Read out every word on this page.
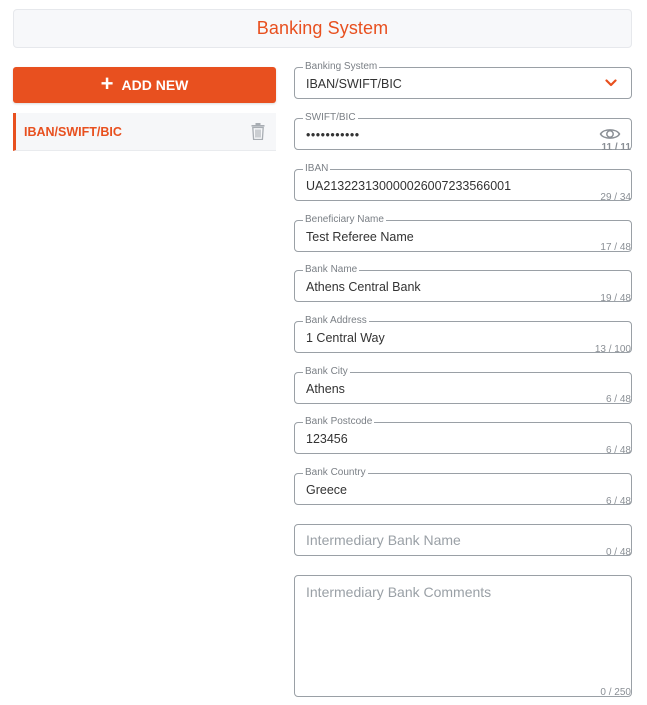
Banking System
+ ADD NEW
IBAN/SWIFT/BIC
Banking System
IBAN/SWIFT/BIC
SWIFT/BIC
•••••••••••
11 / 11
IBAN
UA213223130000026007233566001
29 / 34
Beneficiary Name
Test Referee Name
17 / 48
Bank Name
Athens Central Bank
19 / 48
Bank Address
1 Central Way
13 / 100
Bank City
Athens
6 / 48
Bank Postcode
123456
6 / 48
Bank Country
Greece
6 / 48
Intermediary Bank Name
0 / 48
Intermediary Bank Comments
0 / 250
